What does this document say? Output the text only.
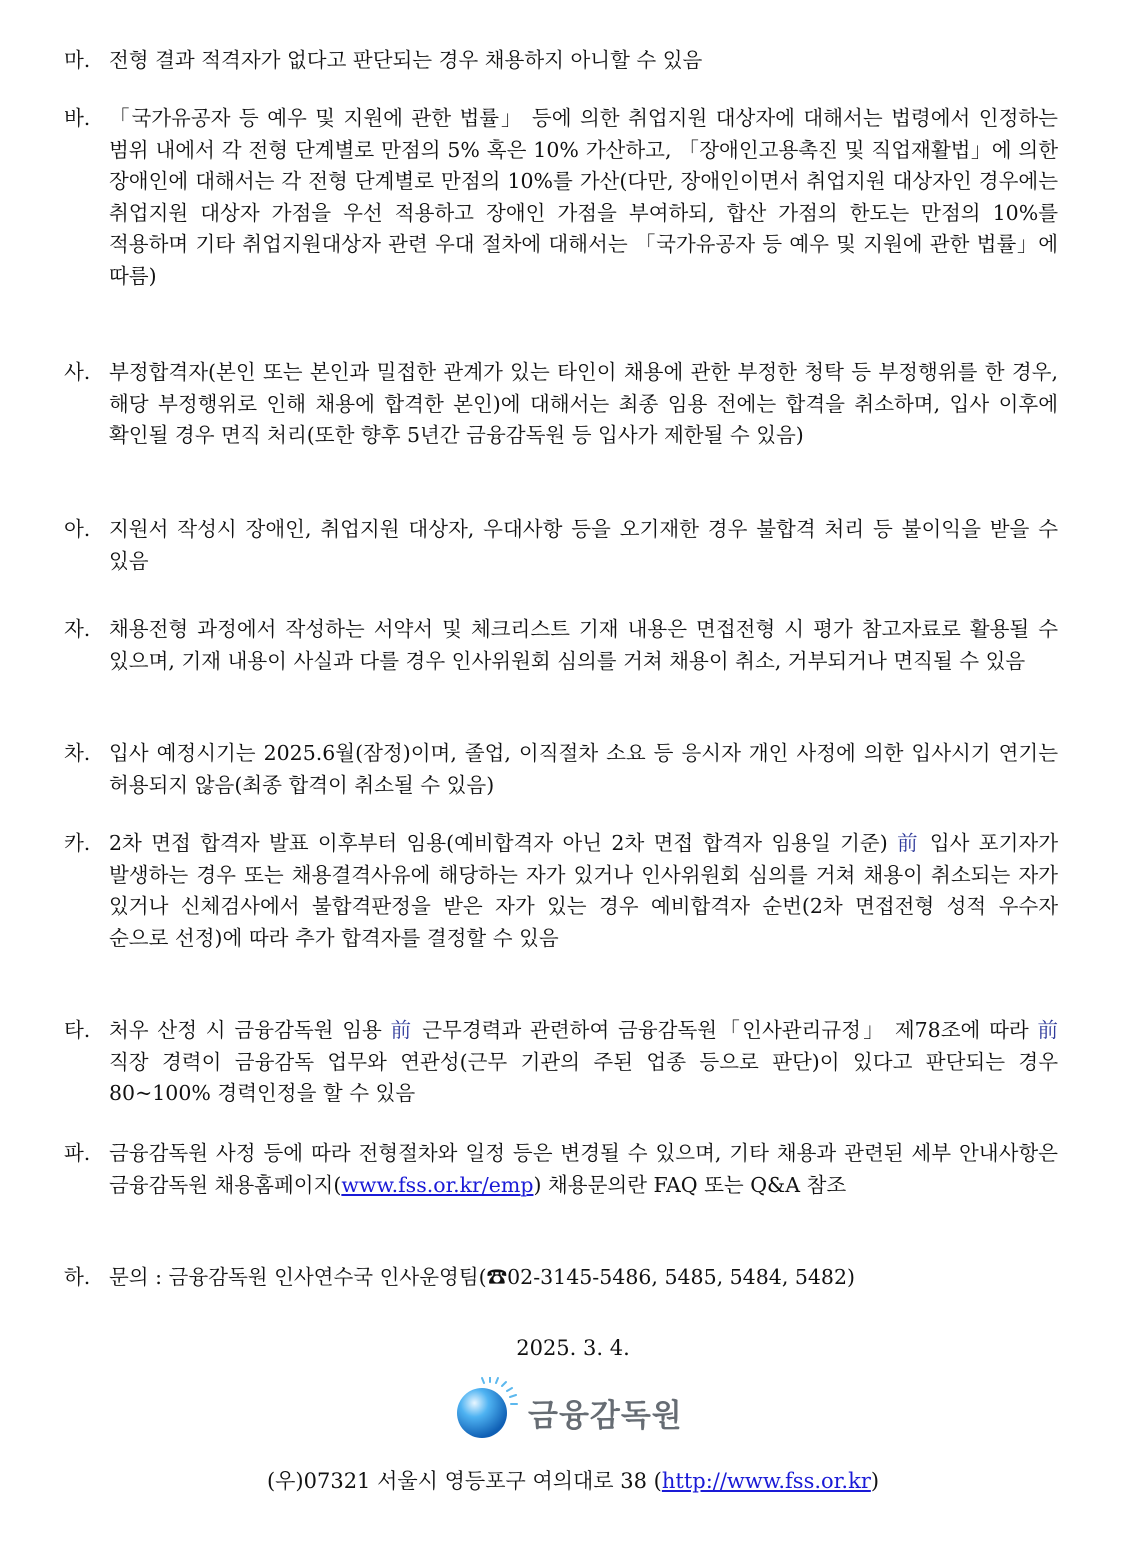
마. 전형 결과 적격자가 없다고 판단되는 경우 채용하지 아니할 수 있음
바. 「국가유공자 등 예우 및 지원에 관한 법률」 등에 의한 취업지원 대상자에 대해서는 법령에서 인정하는 범위 내에서 각 전형 단계별로 만점의 5% 혹은 10% 가산하고, 「장애인고용촉진 및 직업재활법」에 의한 장애인에 대해서는 각 전형 단계별로 만점의 10%를 가산(다만, 장애인이면서 취업지원 대상자인 경우에는 취업지원 대상자 가점을 우선 적용하고 장애인 가점을 부여하되, 합산 가점의 한도는 만점의 10%를 적용하며 기타 취업지원대상자 관련 우대 절차에 대해서는 「국가유공자 등 예우 및 지원에 관한 법률」에 따름)
사. 부정합격자(본인 또는 본인과 밀접한 관계가 있는 타인이 채용에 관한 부정한 청탁 등 부정행위를 한 경우, 해당 부정행위로 인해 채용에 합격한 본인)에 대해서는 최종 임용 전에는 합격을 취소하며, 입사 이후에 확인될 경우 면직 처리(또한 향후 5년간 금융감독원 등 입사가 제한될 수 있음)
아. 지원서 작성시 장애인, 취업지원 대상자, 우대사항 등을 오기재한 경우 불합격 처리 등 불이익을 받을 수 있음
자. 채용전형 과정에서 작성하는 서약서 및 체크리스트 기재 내용은 면접전형 시 평가 참고자료로 활용될 수 있으며, 기재 내용이 사실과 다를 경우 인사위원회 심의를 거쳐 채용이 취소, 거부되거나 면직될 수 있음
차. 입사 예정시기는 2025.6월(잠정)이며, 졸업, 이직절차 소요 등 응시자 개인 사정에 의한 입사시기 연기는 허용되지 않음(최종 합격이 취소될 수 있음)
카. 2차 면접 합격자 발표 이후부터 임용(예비합격자 아닌 2차 면접 합격자 임용일 기준) 前 입사 포기자가 발생하는 경우 또는 채용결격사유에 해당하는 자가 있거나 인사위원회 심의를 거쳐 채용이 취소되는 자가 있거나 신체검사에서 불합격판정을 받은 자가 있는 경우 예비합격자 순번(2차 면접전형 성적 우수자 순으로 선정)에 따라 추가 합격자를 결정할 수 있음
타. 처우 산정 시 금융감독원 임용 前 근무경력과 관련하여 금융감독원「인사관리규정」 제78조에 따라 前 직장 경력이 금융감독 업무와 연관성(근무 기관의 주된 업종 등으로 판단)이 있다고 판단되는 경우 80~100% 경력인정을 할 수 있음
파. 금융감독원 사정 등에 따라 전형절차와 일정 등은 변경될 수 있으며, 기타 채용과 관련된 세부 안내사항은 금융감독원 채용홈페이지(www.fss.or.kr/emp) 채용문의란 FAQ 또는 Q&A 참조
하. 문의 : 금융감독원 인사연수국 인사운영팀(☎02-3145-5486, 5485, 5484, 5482)
2025. 3. 4.
금융감독원
(우)07321 서울시 영등포구 여의대로 38 (http://www.fss.or.kr)
